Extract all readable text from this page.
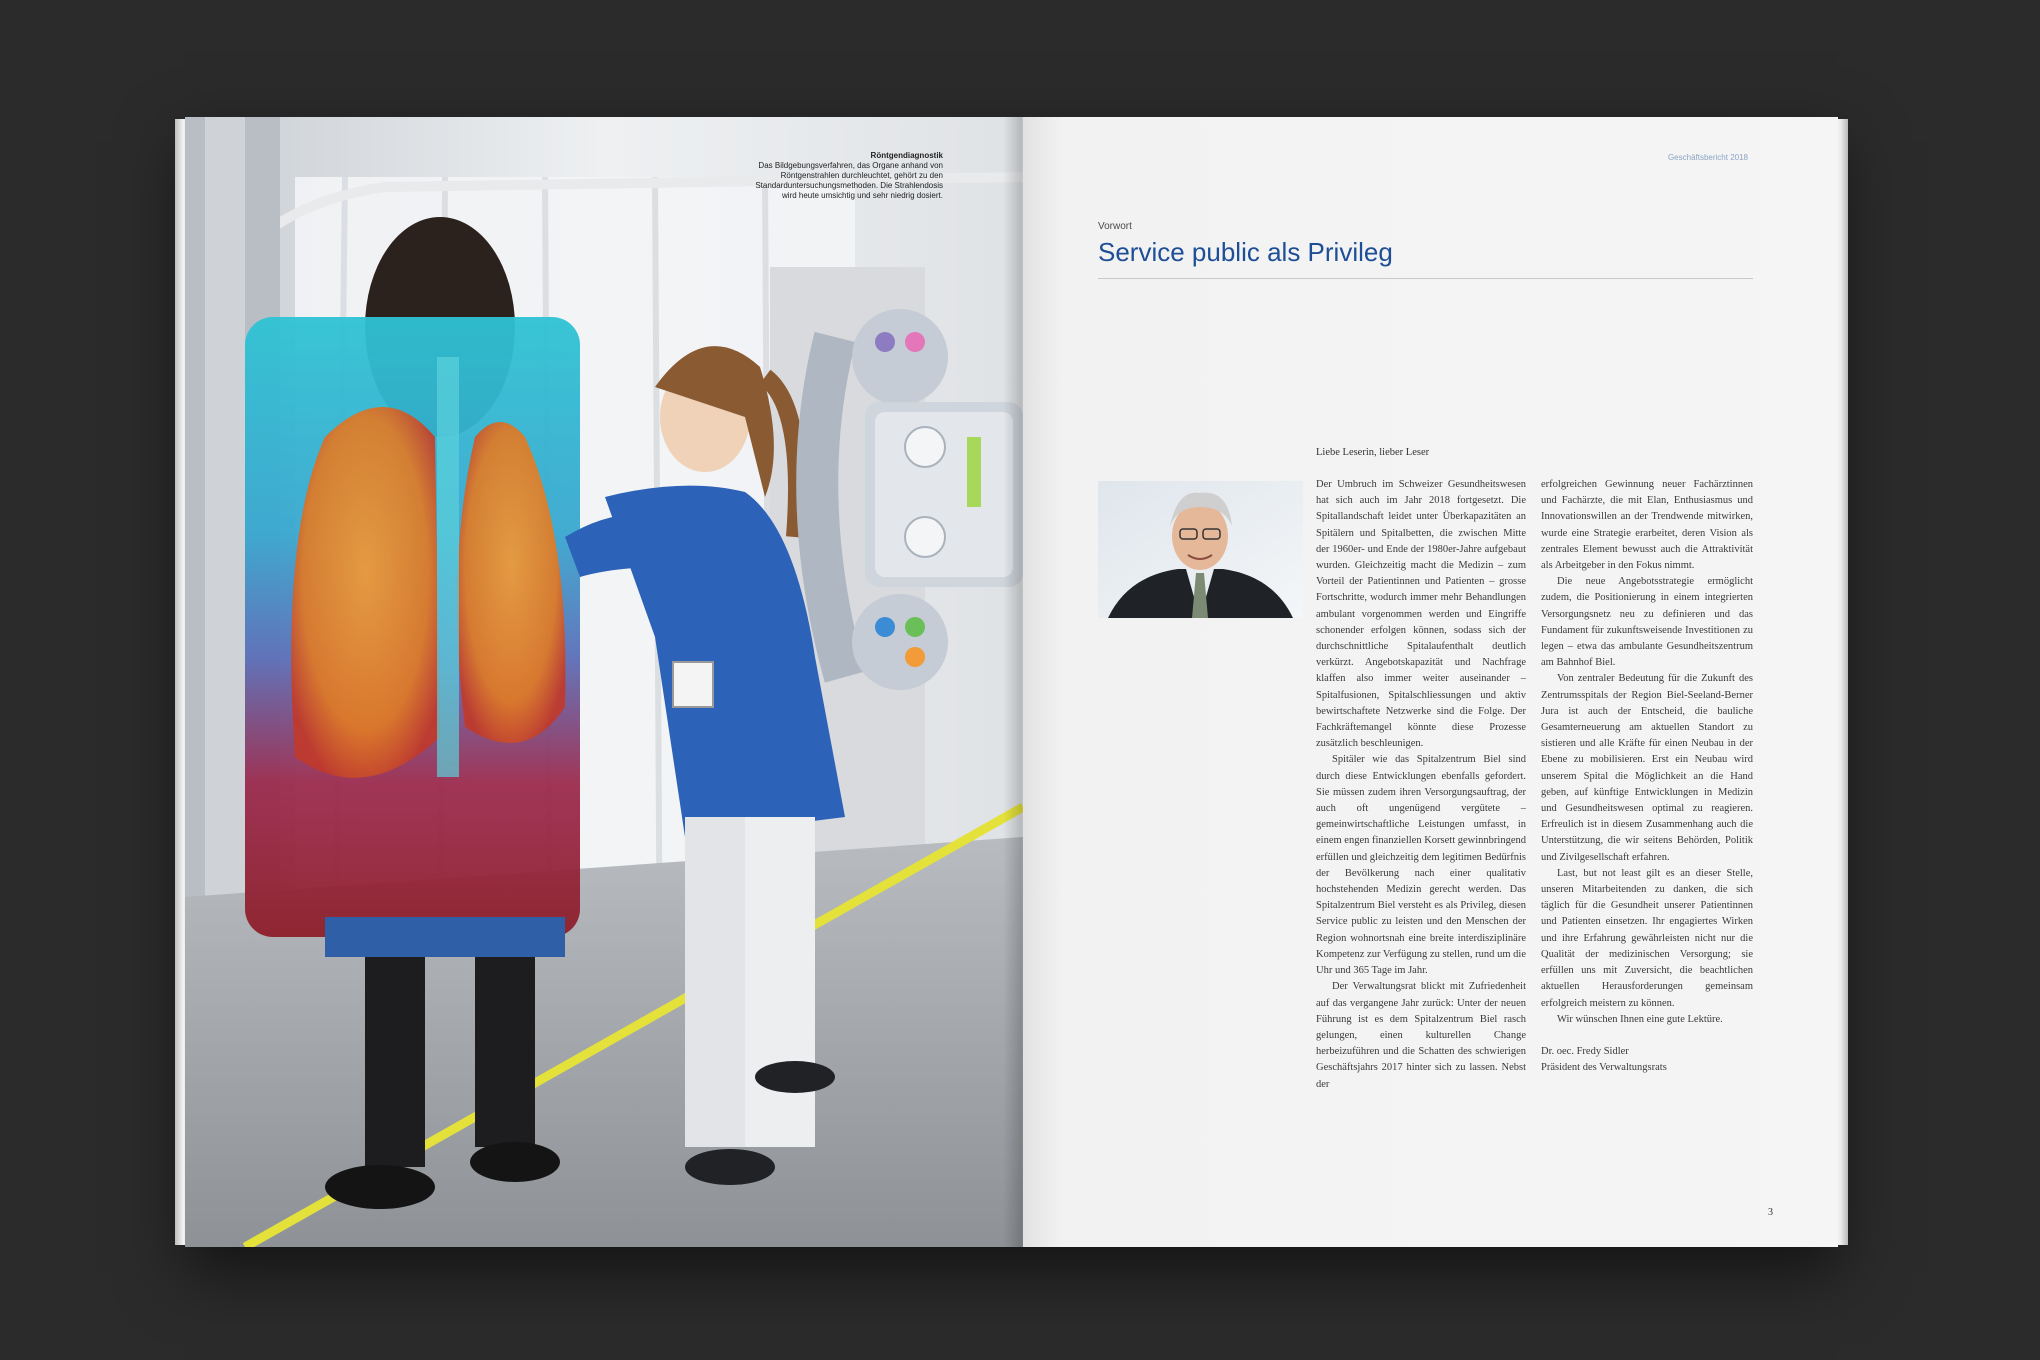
Röntgendiagnostik
Das Bildgebungsverfahren, das Organe anhand von Röntgenstrahlen durchleuchtet, gehört zu den Standarduntersuchungsmethoden. Die Strahlendosis wird heute umsichtig und sehr niedrig dosiert.
Geschäftsbericht 2018
Vorwort
Service public als Privileg
Liebe Leserin, lieber Leser

Der Umbruch im Schweizer Gesundheitswesen hat sich auch im Jahr 2018 fortgesetzt. Die Spitallandschaft leidet unter Überkapazitäten an Spitälern und Spitalbetten, die zwischen Mitte der 1960er- und Ende der 1980er-Jahre aufgebaut wurden. Gleichzeitig macht die Medizin – zum Vorteil der Patientinnen und Patienten – grosse Fortschritte, wodurch immer mehr Behandlungen ambulant vorgenommen werden und Eingriffe schonender erfolgen können, sodass sich der durchschnittliche Spitalaufenthalt deutlich verkürzt. Angebotskapazität und Nachfrage klaffen also immer weiter auseinander – Spitalfusionen, Spitalschliessungen und aktiv bewirtschaftete Netzwerke sind die Folge. Der Fachkräftemangel könnte diese Prozesse zusätzlich beschleunigen.

Spitäler wie das Spitalzentrum Biel sind durch diese Entwicklungen ebenfalls gefordert. Sie müssen zudem ihren Versorgungsauftrag, der auch oft ungenügend vergütete – gemeinwirtschaftliche Leistungen umfasst, in einem engen finanziellen Korsett gewinnbringend erfüllen und gleichzeitig dem legitimen Bedürfnis der Bevölkerung nach einer qualitativ hochstehenden Medizin gerecht werden. Das Spitalzentrum Biel versteht es als Privileg, diesen Service public zu leisten und den Menschen der Region wohnortsnah eine breite interdisziplinäre Kompetenz zur Verfügung zu stellen, rund um die Uhr und 365 Tage im Jahr.

Der Verwaltungsrat blickt mit Zufriedenheit auf das vergangene Jahr zurück: Unter der neuen Führung ist es dem Spitalzentrum Biel rasch gelungen, einen kulturellen Change herbeizuführen und die Schatten des schwierigen Geschäftsjahrs 2017 hinter sich zu lassen. Nebst der

erfolgreichen Gewinnung neuer Fachärztinnen und Fachärzte, die mit Elan, Enthusiasmus und Innovationswillen an der Trendwende mitwirken, wurde eine Strategie erarbeitet, deren Vision als zentrales Element bewusst auch die Attraktivität als Arbeitgeber in den Fokus nimmt.

Die neue Angebotsstrategie ermöglicht zudem, die Positionierung in einem integrierten Versorgungsnetz neu zu definieren und das Fundament für zukunftsweisende Investitionen zu legen – etwa das ambulante Gesundheitszentrum am Bahnhof Biel.

Von zentraler Bedeutung für die Zukunft des Zentrumsspitals der Region Biel-Seeland-Berner Jura ist auch der Entscheid, die bauliche Gesamterneuerung am aktuellen Standort zu sistieren und alle Kräfte für einen Neubau in der Ebene zu mobilisieren. Erst ein Neubau wird unserem Spital die Möglichkeit an die Hand geben, auf künftige Entwicklungen in Medizin und Gesundheitswesen optimal zu reagieren. Erfreulich ist in diesem Zusammenhang auch die Unterstützung, die wir seitens Behörden, Politik und Zivilgesellschaft erfahren.

Last, but not least gilt es an dieser Stelle, unseren Mitarbeitenden zu danken, die sich täglich für die Gesundheit unserer Patientinnen und Patienten einsetzen. Ihr engagiertes Wirken und ihre Erfahrung gewährleisten nicht nur die Qualität der medizinischen Versorgung; sie erfüllen uns mit Zuversicht, die beachtlichen aktuellen Herausforderungen gemeinsam erfolgreich meistern zu können.

Wir wünschen Ihnen eine gute Lektüre.

Dr. oec. Fredy Sidler
Präsident des Verwaltungsrats

3
